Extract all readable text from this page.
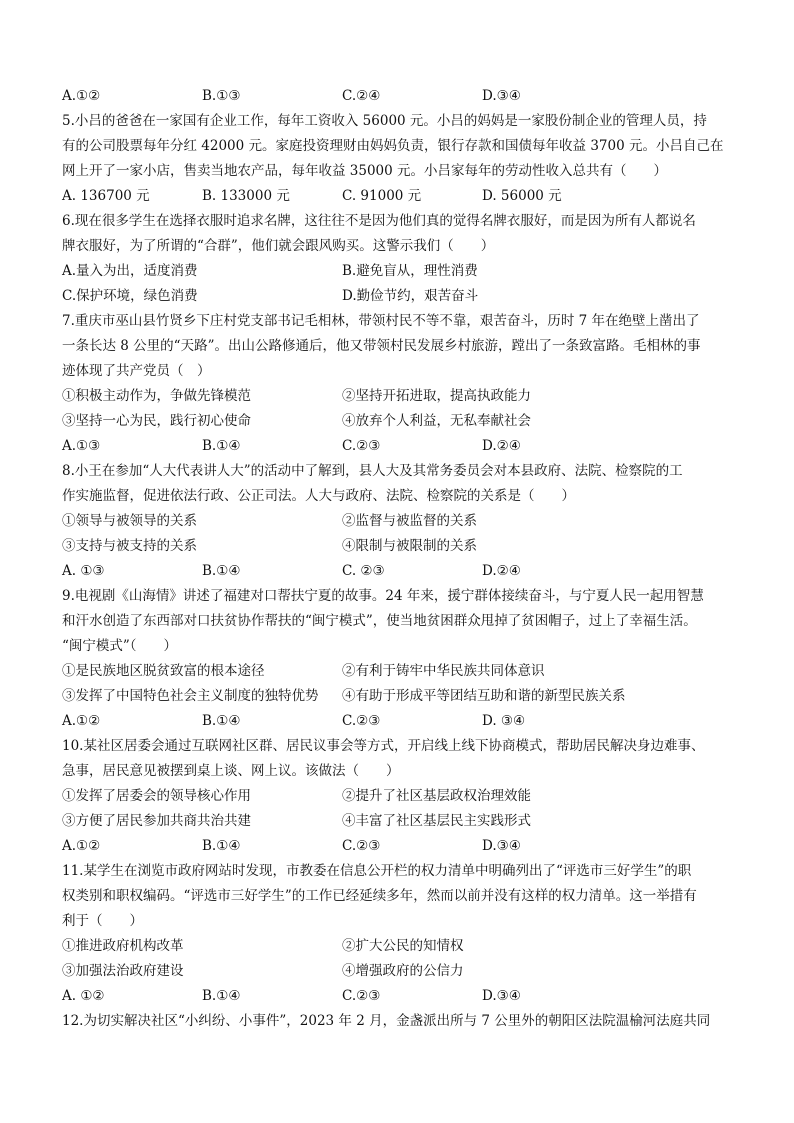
A.①②	B.①③	C.②④	D.③④
5.小吕的爸爸在一家国有企业工作，每年工资收入 56000 元。小吕的妈妈是一家股份制企业的管理人员，持
有的公司股票每年分红 42000 元。家庭投资理财由妈妈负责，银行存款和国债每年收益 3700 元。小吕自己在
网上开了一家小店，售卖当地农产品，每年收益 35000 元。小吕家每年的劳动性收入总共有（　　）
A. 136700 元	B. 133000 元	C. 91000 元	D. 56000 元
6.现在很多学生在选择衣服时追求名牌，这往往不是因为他们真的觉得名牌衣服好，而是因为所有人都说名
牌衣服好，为了所谓的“合群”，他们就会跟风购买。这警示我们（　　）
A.量入为出，适度消费	B.避免盲从，理性消费
C.保护环境，绿色消费	D.勤俭节约，艰苦奋斗
7.重庆市巫山县竹贤乡下庄村党支部书记毛相林，带领村民不等不靠，艰苦奋斗，历时 7 年在绝壁上凿出了
一条长达 8 公里的“天路”。出山公路修通后，他又带领村民发展乡村旅游，蹚出了一条致富路。毛相林的事
迹体现了共产党员（　）
①积极主动作为，争做先锋模范	②坚持开拓进取，提高执政能力
③坚持一心为民，践行初心使命	④放弃个人利益，无私奉献社会
A.①③	B.①④	C.②③	D.②④
8.小王在参加“人大代表讲人大”的活动中了解到，县人大及其常务委员会对本县政府、法院、检察院的工
作实施监督，促进依法行政、公正司法。人大与政府、法院、检察院的关系是（　　）
①领导与被领导的关系	②监督与被监督的关系
③支持与被支持的关系	④限制与被限制的关系
A. ①③	B.①④	C. ②③	D.②④
9.电视剧《山海情》讲述了福建对口帮扶宁夏的故事。24 年来，援宁群体接续奋斗，与宁夏人民一起用智慧
和汗水创造了东西部对口扶贫协作帮扶的“闽宁模式”，使当地贫困群众甩掉了贫困帽子，过上了幸福生活。
“闽宁模式”（　　）
①是民族地区脱贫致富的根本途径	②有利于铸牢中华民族共同体意识
③发挥了中国特色社会主义制度的独特优势	④有助于形成平等团结互助和谐的新型民族关系
A.①②	B.①④	C.②③	D. ③④
10.某社区居委会通过互联网社区群、居民议事会等方式，开启线上线下协商模式，帮助居民解决身边难事、
急事，居民意见被摆到桌上谈、网上议。该做法（　　）
①发挥了居委会的领导核心作用	②提升了社区基层政权治理效能
③方便了居民参加共商共治共建	④丰富了社区基层民主实践形式
A.①②	B.①④	C.②③	D.③④
11.某学生在浏览市政府网站时发现，市教委在信息公开栏的权力清单中明确列出了“评选市三好学生”的职
权类别和职权编码。“评选市三好学生”的工作已经延续多年，然而以前并没有这样的权力清单。这一举措有
利于（　　）
①推进政府机构改革	②扩大公民的知情权
③加强法治政府建设	④增强政府的公信力
A. ①②	B.①④	C.②③	D.③④
12.为切实解决社区“小纠纷、小事件”，2023 年 2 月，金盏派出所与 7 公里外的朝阳区法院温榆河法庭共同
